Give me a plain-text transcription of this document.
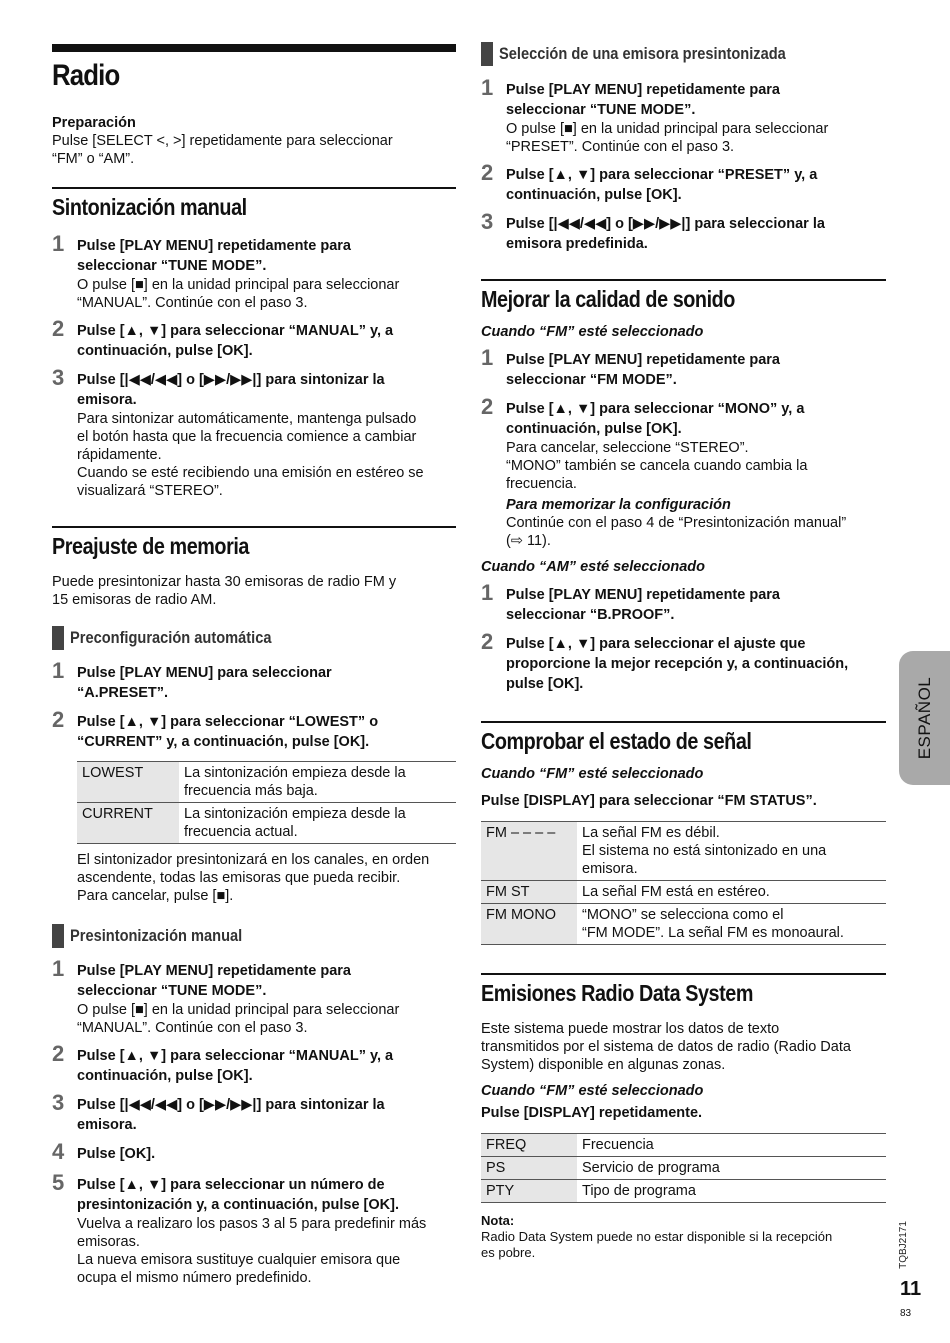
Radio
Preparación
Pulse [SELECT <, >] repetidamente para seleccionar
“FM” o “AM”.
Sintonización manual
1 Pulse [PLAY MENU] repetidamente para
seleccionar “TUNE MODE”.
O pulse [■] en la unidad principal para seleccionar
“MANUAL”. Continúe con el paso 3.
2 Pulse [▲, ▼] para seleccionar “MANUAL” y, a
continuación, pulse [OK].
3 Pulse [|◀◀/◀◀] o [▶▶/▶▶|] para sintonizar la
emisora.
Para sintonizar automáticamente, mantenga pulsado
el botón hasta que la frecuencia comience a cambiar
rápidamente.
Cuando se esté recibiendo una emisión en estéreo se
visualizará “STEREO”.
Preajuste de memoria
Puede presintonizar hasta 30 emisoras de radio FM y
15 emisoras de radio AM.
Preconfiguración automática
1 Pulse [PLAY MENU] para seleccionar
“A.PRESET”.
2 Pulse [▲, ▼] para seleccionar “LOWEST” o
“CURRENT” y, a continuación, pulse [OK].
LOWEST	La sintonización empieza desde la
frecuencia más baja.

CURRENT	La sintonización empieza desde la
frecuencia actual.
El sintonizador presintonizará en los canales, en orden
ascendente, todas las emisoras que pueda recibir.
Para cancelar, pulse [■].
Presintonización manual
1 Pulse [PLAY MENU] repetidamente para
seleccionar “TUNE MODE”.
O pulse [■] en la unidad principal para seleccionar
“MANUAL”. Continúe con el paso 3.
2 Pulse [▲, ▼] para seleccionar “MANUAL” y, a
continuación, pulse [OK].
3 Pulse [|◀◀/◀◀] o [▶▶/▶▶|] para sintonizar la
emisora.
4 Pulse [OK].
5 Pulse [▲, ▼] para seleccionar un número de
presintonización y, a continuación, pulse [OK].
Vuelva a realizaro los pasos 3 al 5 para predefinir más
emisoras.
La nueva emisora sustituye cualquier emisora que
ocupa el mismo número predefinido.
Selección de una emisora presintonizada
1 Pulse [PLAY MENU] repetidamente para
seleccionar “TUNE MODE”.
O pulse [■] en la unidad principal para seleccionar
“PRESET”. Continúe con el paso 3.
2 Pulse [▲, ▼] para seleccionar “PRESET” y, a
continuación, pulse [OK].
3 Pulse [|◀◀/◀◀] o [▶▶/▶▶|] para seleccionar la
emisora predefinida.
Mejorar la calidad de sonido
Cuando “FM” esté seleccionado
1 Pulse [PLAY MENU] repetidamente para
seleccionar “FM MODE”.
2 Pulse [▲, ▼] para seleccionar “MONO” y, a
continuación, pulse [OK].
Para cancelar, seleccione “STEREO”.
“MONO” también se cancela cuando cambia la
frecuencia.
Para memorizar la configuración
Continúe con el paso 4 de “Presintonización manual”
(⇨ 11).
Cuando “AM” esté seleccionado
1 Pulse [PLAY MENU] repetidamente para
seleccionar “B.PROOF”.
2 Pulse [▲, ▼] para seleccionar el ajuste que
proporcione la mejor recepción y, a continuación,
pulse [OK].
Comprobar el estado de señal
Cuando “FM” esté seleccionado
Pulse [DISPLAY] para seleccionar “FM STATUS”.
FM – – – –	La señal FM es débil.
El sistema no está sintonizado en una
emisora.

FM ST	La señal FM está en estéreo.

FM MONO	“MONO” se selecciona como el
“FM MODE”. La señal FM es monoaural.
Emisiones Radio Data System
Este sistema puede mostrar los datos de texto
transmitidos por el sistema de datos de radio (Radio Data
System) disponible en algunas zonas.
Cuando “FM” esté seleccionado
Pulse [DISPLAY] repetidamente.
FREQ	Frecuencia
PS	Servicio de programa
PTY	Tipo de programa
Nota:
Radio Data System puede no estar disponible si la recepción
es pobre.
ESPAÑOL
TQBJ2171
11
83
